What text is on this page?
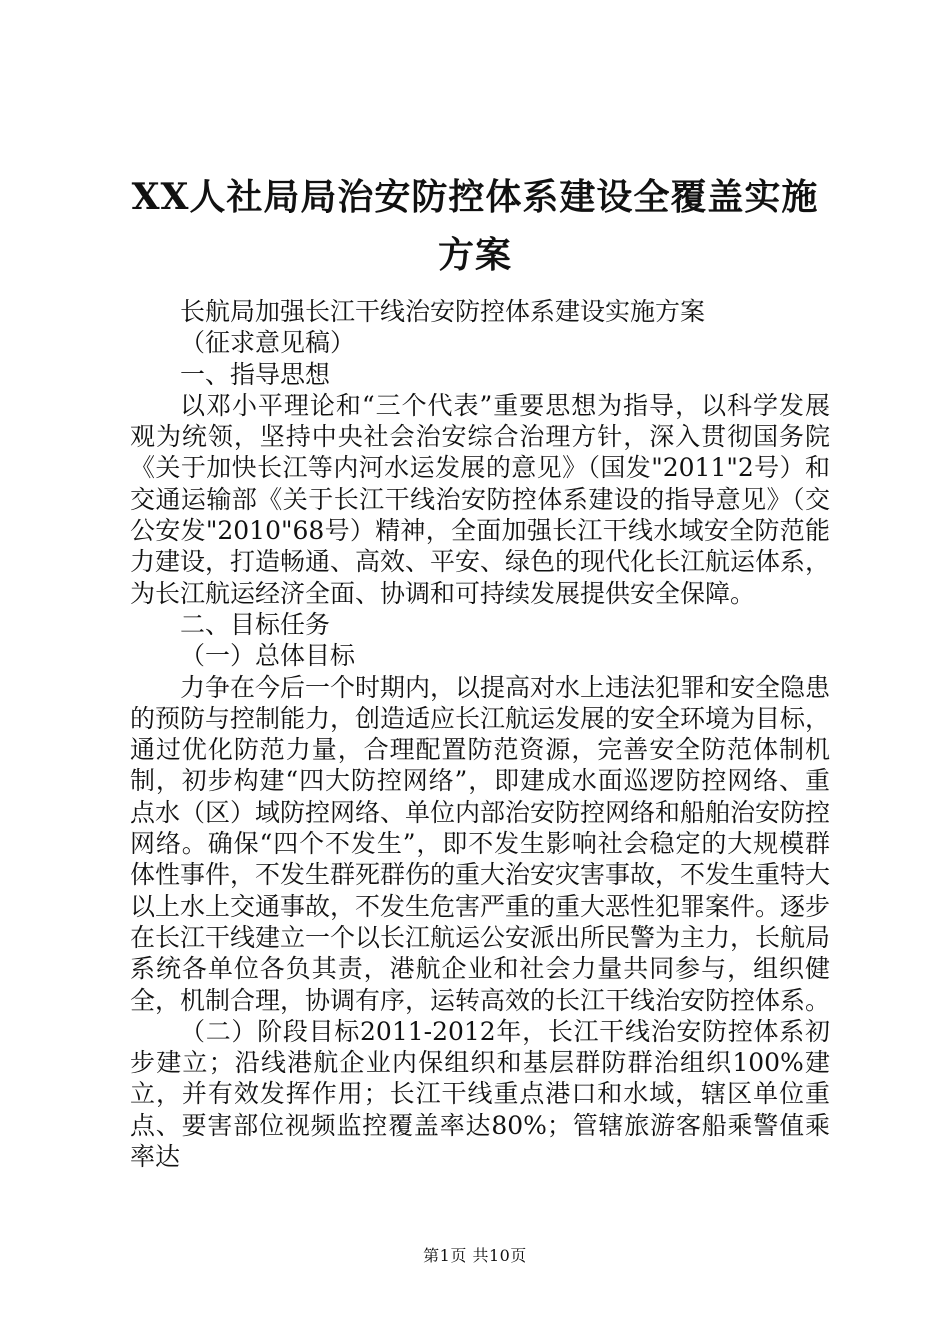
XX人社局局治安防控体系建设全覆盖实施方案

长航局加强长江干线治安防控体系建设实施方案

（征求意见稿）

一、指导思想

以邓小平理论和“三个代表”重要思想为指导，以科学发展观为统领，坚持中央社会治安综合治理方针，深入贯彻国务院《关于加快长江等内河水运发展的意见》（国发"2011"2号）和交通运输部《关于长江干线治安防控体系建设的指导意见》（交公安发"2010"68号）精神，全面加强长江干线水域安全防范能力建设，打造畅通、高效、平安、绿色的现代化长江航运体系，为长江航运经济全面、协调和可持续发展提供安全保障。

二、目标任务

（一）总体目标

力争在今后一个时期内，以提高对水上违法犯罪和安全隐患的预防与控制能力，创造适应长江航运发展的安全环境为目标，通过优化防范力量，合理配置防范资源，完善安全防范体制机制，初步构建“四大防控网络”，即建成水面巡逻防控网络、重点水（区）域防控网络、单位内部治安防控网络和船舶治安防控网络。确保“四个不发生”，即不发生影响社会稳定的大规模群体性事件，不发生群死群伤的重大治安灾害事故，不发生重特大以上水上交通事故，不发生危害严重的重大恶性犯罪案件。逐步在长江干线建立一个以长江航运公安派出所民警为主力，长航局系统各单位各负其责，港航企业和社会力量共同参与，组织健全，机制合理，协调有序，运转高效的长江干线治安防控体系。

（二）阶段目标2011-2012年，长江干线治安防控体系初步建立；沿线港航企业内保组织和基层群防群治组织100%建立，并有效发挥作用；长江干线重点港口和水域，辖区单位重点、要害部位视频监控覆盖率达80%；管辖旅游客船乘警值乘率达

第1页 共10页
